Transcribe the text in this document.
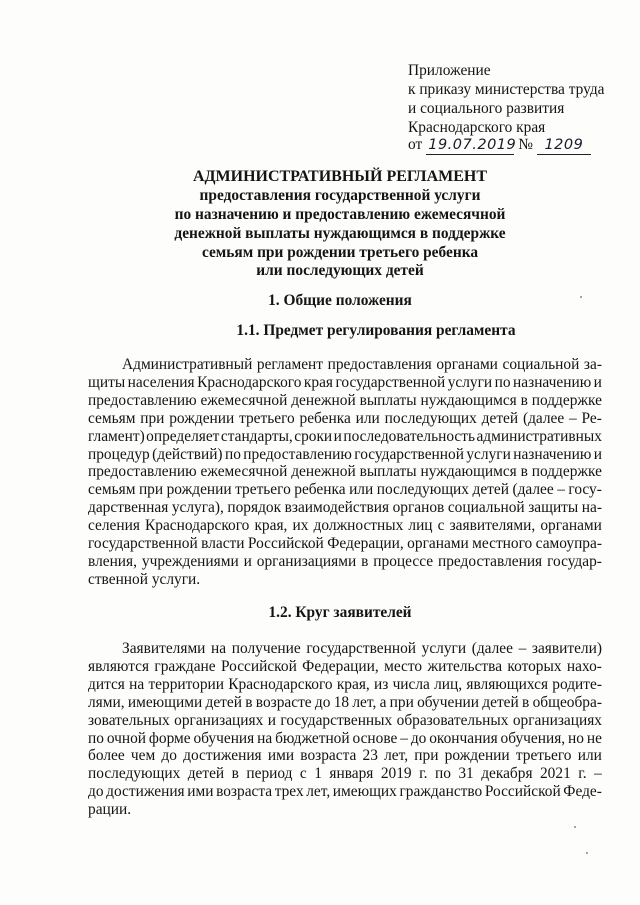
Приложение
к приказу министерства труда
и социального развития
Краснодарского края
от 19.07.2019 № 1209
АДМИНИСТРАТИВНЫЙ РЕГЛАМЕНТ
предоставления государственной услуги
по назначению и предоставлению ежемесячной
денежной выплаты нуждающимся в поддержке
семьям при рождении третьего ребенка
или последующих детей
1. Общие положения
1.1. Предмет регулирования регламента
Административный регламент предоставления органами социальной за-
щиты населения Краснодарского края государственной услуги по назначению и
предоставлению ежемесячной денежной выплаты нуждающимся в поддержке
семьям при рождении третьего ребенка или последующих детей (далее – Ре-
гламент) определяет стандарты, сроки и последовательность административных
процедур (действий) по предоставлению государственной услуги назначению и
предоставлению ежемесячной денежной выплаты нуждающимся в поддержке
семьям при рождении третьего ребенка или последующих детей (далее – госу-
дарственная услуга), порядок взаимодействия органов социальной защиты на-
селения Краснодарского края, их должностных лиц с заявителями, органами
государственной власти Российской Федерации, органами местного самоупра-
вления, учреждениями и организациями в процессе предоставления государ-
ственной услуги.
1.2. Круг заявителей
Заявителями на получение государственной услуги (далее – заявители)
являются граждане Российской Федерации, место жительства которых нахо-
дится на территории Краснодарского края, из числа лиц, являющихся родите-
лями, имеющими детей в возрасте до 18 лет, а при обучении детей в общеобра-
зовательных организациях и государственных образовательных организациях
по очной форме обучения на бюджетной основе – до окончания обучения, но не
более чем до достижения ими возраста 23 лет, при рождении третьего или
последующих детей в период с 1 января 2019 г. по 31 декабря 2021 г. –
до достижения ими возраста трех лет, имеющих гражданство Российской Феде-
рации.
